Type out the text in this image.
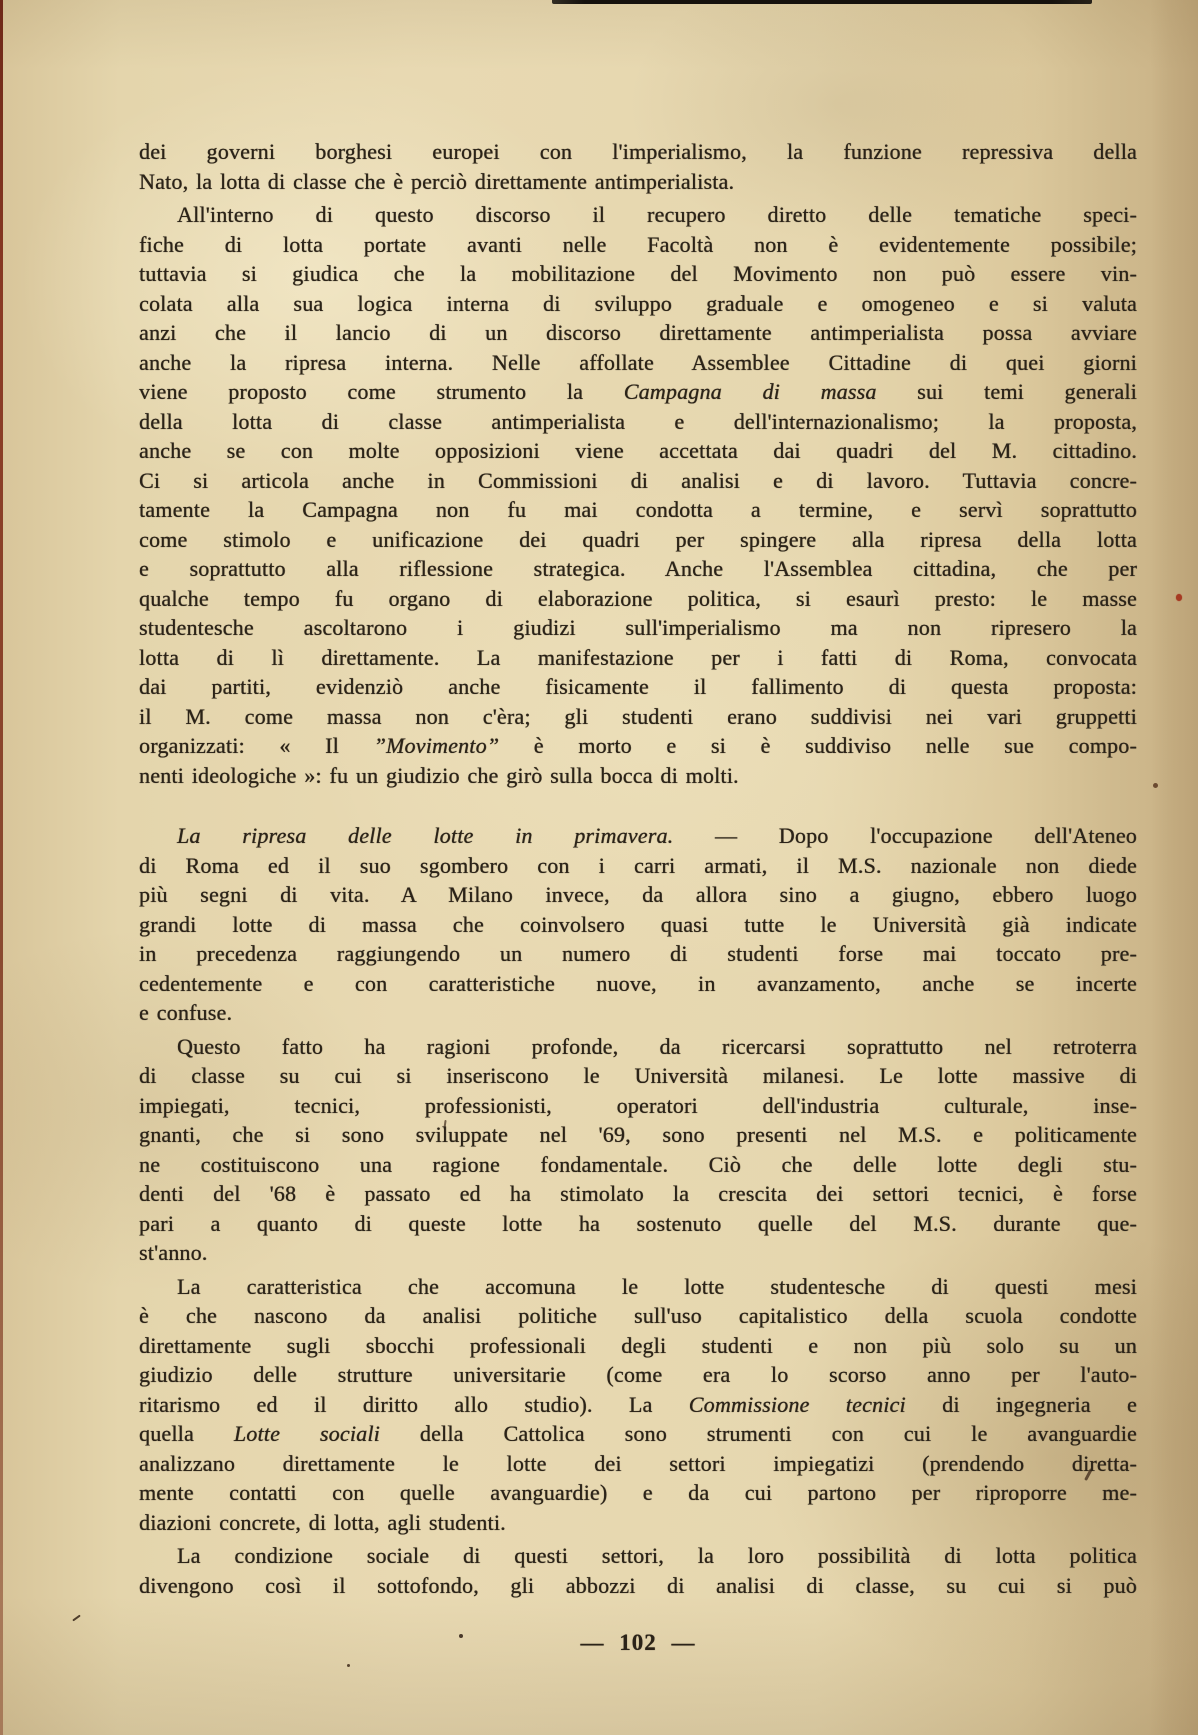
dei governi borghesi europei con l'imperialismo, la funzione repressiva della
Nato, la lotta di classe che è perciò direttamente antimperialista.
All'interno di questo discorso il recupero diretto delle tematiche speci-
fiche di lotta portate avanti nelle Facoltà non è evidentemente possibile;
tuttavia si giudica che la mobilitazione del Movimento non può essere vin-
colata alla sua logica interna di sviluppo graduale e omogeneo e si valuta
anzi che il lancio di un discorso direttamente antimperialista possa avviare
anche la ripresa interna. Nelle affollate Assemblee Cittadine di quei giorni
viene proposto come strumento la Campagna di massa sui temi generali
della lotta di classe antimperialista e dell'internazionalismo; la proposta,
anche se con molte opposizioni viene accettata dai quadri del M. cittadino.
Ci si articola anche in Commissioni di analisi e di lavoro. Tuttavia concre-
tamente la Campagna non fu mai condotta a termine, e servì soprattutto
come stimolo e unificazione dei quadri per spingere alla ripresa della lotta
e soprattutto alla riflessione strategica. Anche l'Assemblea cittadina, che per
qualche tempo fu organo di elaborazione politica, si esaurì presto: le masse
studentesche ascoltarono i giudizi sull'imperialismo ma non ripresero la
lotta di lì direttamente. La manifestazione per i fatti di Roma, convocata
dai partiti, evidenziò anche fisicamente il fallimento di questa proposta:
il M. come massa non c'èra; gli studenti erano suddivisi nei vari gruppetti
organizzati: « Il ”Movimento” è morto e si è suddiviso nelle sue compo-
nenti ideologiche »: fu un giudizio che girò sulla bocca di molti.
La ripresa delle lotte in primavera. — Dopo l'occupazione dell'Ateneo
di Roma ed il suo sgombero con i carri armati, il M.S. nazionale non diede
più segni di vita. A Milano invece, da allora sino a giugno, ebbero luogo
grandi lotte di massa che coinvolsero quasi tutte le Università già indicate
in precedenza raggiungendo un numero di studenti forse mai toccato pre-
cedentemente e con caratteristiche nuove, in avanzamento, anche se incerte
e confuse.
Questo fatto ha ragioni profonde, da ricercarsi soprattutto nel retroterra
di classe su cui si inseriscono le Università milanesi. Le lotte massive di
impiegati, tecnici, professionisti, operatori dell'industria culturale, inse-
gnanti, che si sono sviluppate nel '69, sono presenti nel M.S. e politicamente
ne costituiscono una ragione fondamentale. Ciò che delle lotte degli stu-
denti del '68 è passato ed ha stimolato la crescita dei settori tecnici, è forse
pari a quanto di queste lotte ha sostenuto quelle del M.S. durante que-
st'anno.
La caratteristica che accomuna le lotte studentesche di questi mesi
è che nascono da analisi politiche sull'uso capitalistico della scuola condotte
direttamente sugli sbocchi professionali degli studenti e non più solo su un
giudizio delle strutture universitarie (come era lo scorso anno per l'auto-
ritarismo ed il diritto allo studio). La Commissione tecnici di ingegneria e
quella Lotte sociali della Cattolica sono strumenti con cui le avanguardie
analizzano direttamente le lotte dei settori impiegatizi (prendendo diretta-
mente contatti con quelle avanguardie) e da cui partono per riproporre me-
diazioni concrete, di lotta, agli studenti.
La condizione sociale di questi settori, la loro possibilità di lotta politica
divengono così il sottofondo, gli abbozzi di analisi di classe, su cui si può
— 102 —
